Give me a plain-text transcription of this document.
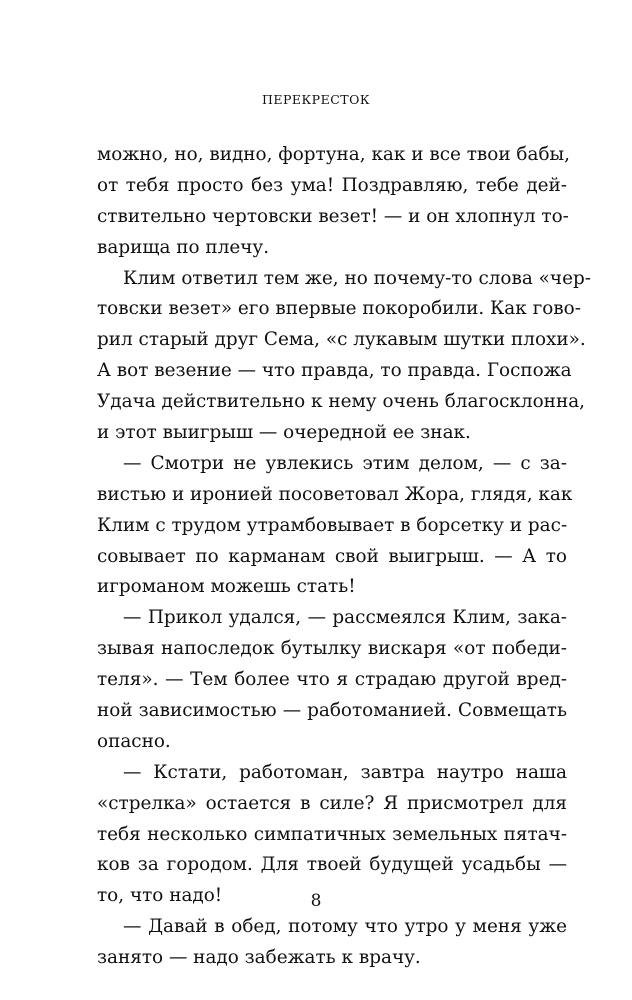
ПЕРЕКРЕСТОК
можно, но, видно, фортуна, как и все твои бабы,
от тебя просто без ума! Поздравляю, тебе дей-
ствительно чертовски везет! — и он хлопнул то-
варища по плечу.
Клим ответил тем же, но почему-то слова «чер-
товски везет» его впервые покоробили. Как гово-
рил старый друг Сема, «с лукавым шутки плохи».
А вот везение — что правда, то правда. Госпожа
Удача действительно к нему очень благосклонна,
и этот выигрыш — очередной ее знак.
— Смотри не увлекись этим делом, — с за-
вистью и иронией посоветовал Жора, глядя, как
Клим с трудом утрамбовывает в борсетку и рас-
совывает по карманам свой выигрыш. — А то
игроманом можешь стать!
— Прикол удался, — рассмеялся Клим, зака-
зывая напоследок бутылку вискаря «от победи-
теля». — Тем более что я страдаю другой вред-
ной зависимостью — работоманией. Совмещать
опасно.
— Кстати, работоман, завтра наутро наша
«стрелка» остается в силе? Я присмотрел для
тебя несколько симпатичных земельных пятач-
ков за городом. Для твоей будущей усадьбы —
то, что надо!
— Давай в обед, потому что утро у меня уже
занято — надо забежать к врачу.
8
